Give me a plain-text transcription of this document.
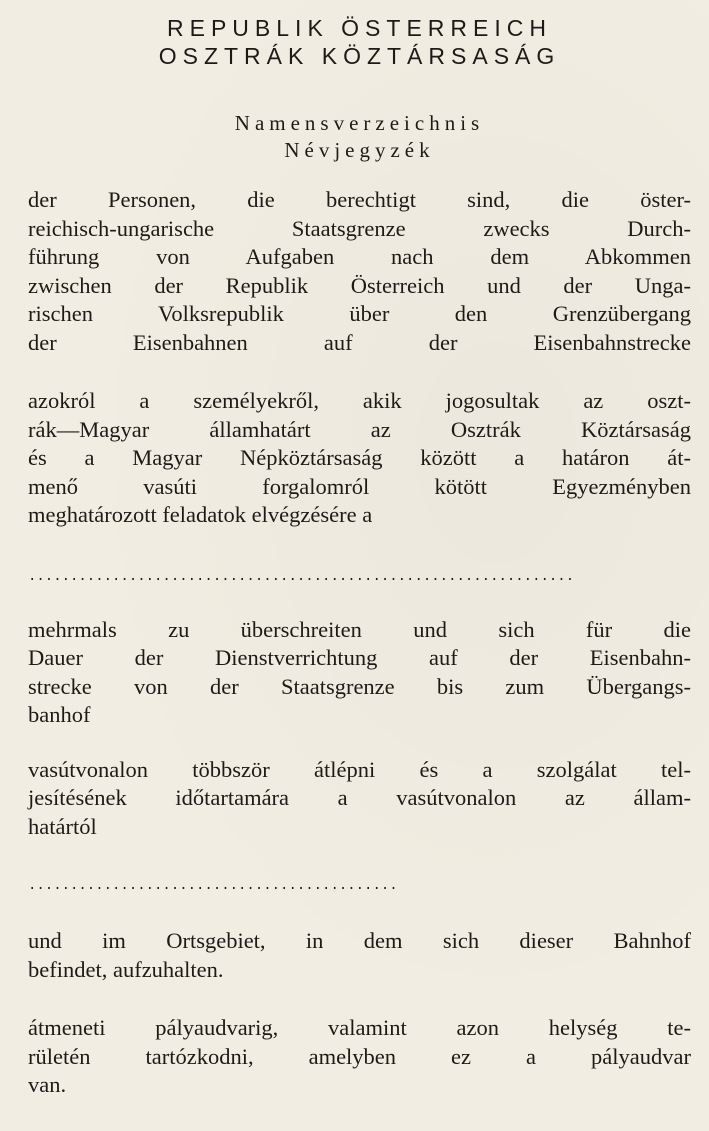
REPUBLIK ÖSTERREICH
OSZTRÁK KÖZTÁRSASÁG
Namensverzeichnis
Névjegyzék
der Personen, die berechtigt sind, die öster-
reichisch-ungarische Staatsgrenze zwecks Durch-
führung von Aufgaben nach dem Abkommen
zwischen der Republik Österreich und der Unga-
rischen Volksrepublik über den Grenzübergang
der Eisenbahnen auf der Eisenbahnstrecke
azokról a személyekről, akik jogosultak az oszt-
rák—Magyar államhatárt az Osztrák Köztársaság
és a Magyar Népköztársaság között a határon át-
menő vasúti forgalomról kötött Egyezményben
meghatározott feladatok elvégzésére a
·································································
mehrmals zu überschreiten und sich für die
Dauer der Dienstverrichtung auf der Eisenbahn-
strecke von der Staatsgrenze bis zum Übergangs-
banhof
vasútvonalon többször átlépni és a szolgálat tel-
jesítésének időtartamára a vasútvonalon az állam-
határtól
············································
und im Ortsgebiet, in dem sich dieser Bahnhof
befindet, aufzuhalten.
átmeneti pályaudvarig, valamint azon helység te-
rületén tartózkodni, amelyben ez a pályaudvar
van.
